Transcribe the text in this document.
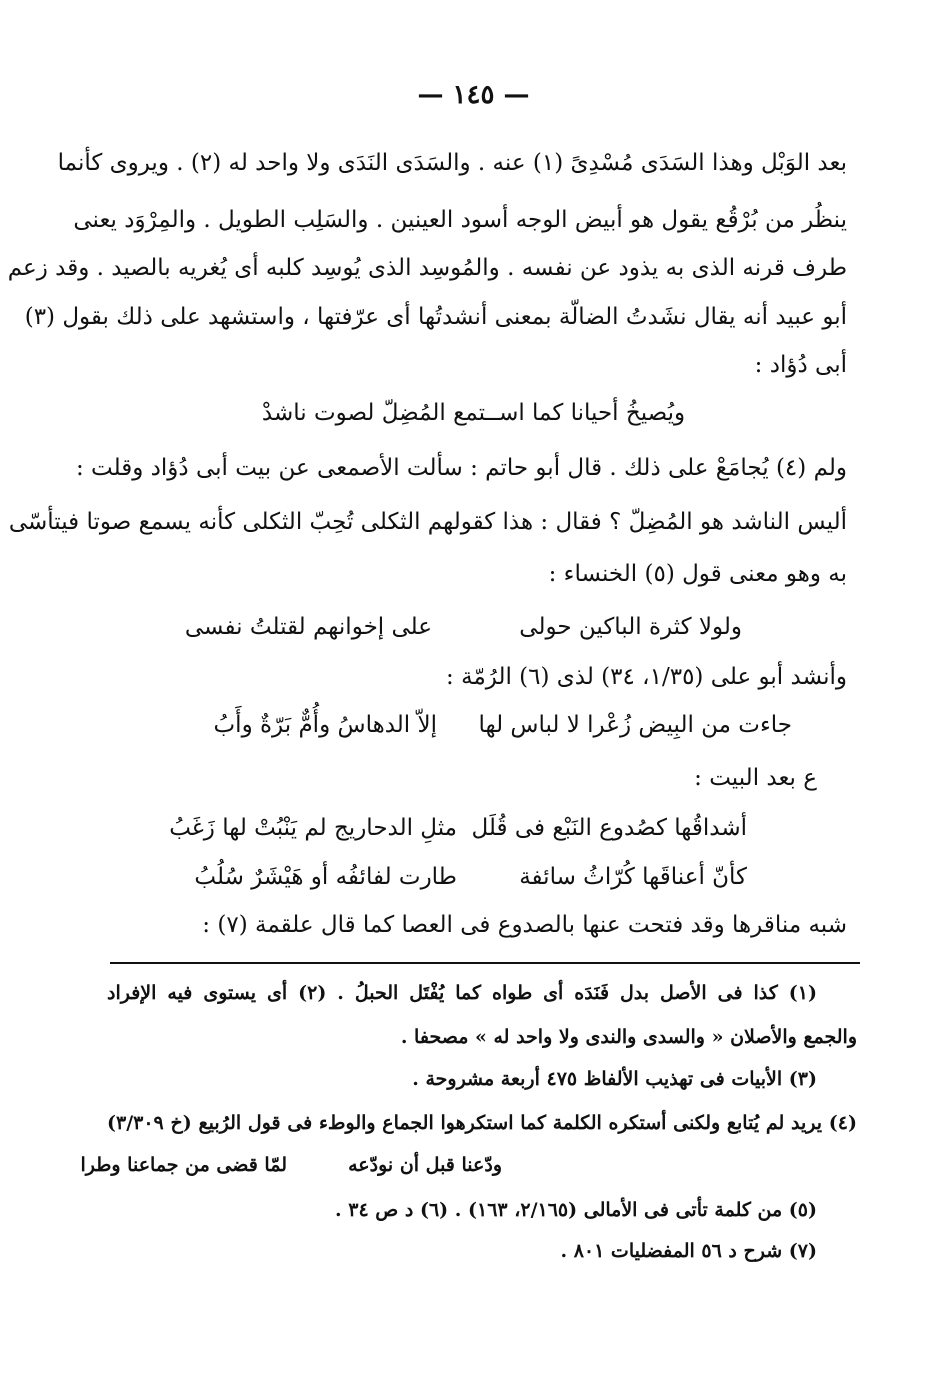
— ١٤٥ —
بعد الوَبْل وهذا السَدَى مُسْدِىً (١) عنه . والسَدَى النَدَى ولا واحد له (٢) . ويروى كأنما
ينظُر من بُرْقُع يقول هو أبيض الوجه أسود العينين . والسَلِب الطويل . والمِرْوَد يعنى
طرف قرنه الذى به يذود عن نفسه . والمُوسِد الذى يُوسِد كلبه أى يُغريه بالصيد . وقد زعم
أبو عبيد أنه يقال نشَدتُ الضالّة بمعنى أنشدتُها أى عرّفتها ، واستشهد على ذلك بقول (٣)
أبى دُؤاد :
ويُصيخُ أحيانا كما اســتمع المُضِلّ لصوت ناشدْ
ولم (٤) يُجامَعْ على ذلك . قال أبو حاتم : سألت الأصمعى عن بيت أبى دُؤاد وقلت :
أليس الناشد هو المُضِلّ ؟ فقال : هذا كقولهم الثكلى تُحِبّ الثكلى كأنه يسمع صوتا فيتأسّى
به وهو معنى قول (٥) الخنساء :
ولولا كثرة الباكين حولى
على إخوانهم لقتلتُ نفسى
وأنشد أبو على (١/٣٥، ٣٤) لذى (٦) الرُمّة :
جاءت من البِيض زُعْرا لا لباس لها
إلاّ الدهاسُ وأُمٌّ بَرّةٌ وأَبُ
ع بعد البيت :
أشداقُها كصُدوع النَبْع فى قُلَل
مثلِ الدحاريج لم يَنْبُتْ لها زَغَبُ
كأنّ أعناقَها كُرّاثُ سائفة
طارت لفائفُه أو هَيْشَرٌ سُلُبُ
شبه مناقرها وقد فتحت عنها بالصدوع فى العصا كما قال علقمة (٧) :
(١) كذا فى الأصل بدل فَنَدَه أى طواه كما يُفْتَل الحبلُ . (٢) أى يستوى فيه الإفراد
والجمع والأصلان « والسدى والندى ولا واحد له » مصحفا .
(٣) الأبيات فى تهذيب الألفاظ ٤٧٥ أربعة مشروحة .
(٤) يريد لم يُتابع ولكنى أستكره الكلمة كما استكرهوا الجماع والوطء فى قول الرُبيع (خ ٣/٣٠٩)
ودّعنا قبل أن نودّعه
لمّا قضى من جماعنا وطرا
(٥) من كلمة تأتى فى الأمالى (٢/١٦٥، ١٦٣) . (٦) د ص ٣٤ .
(٧) شرح د ٥٦ المفضليات ٨٠١ .
